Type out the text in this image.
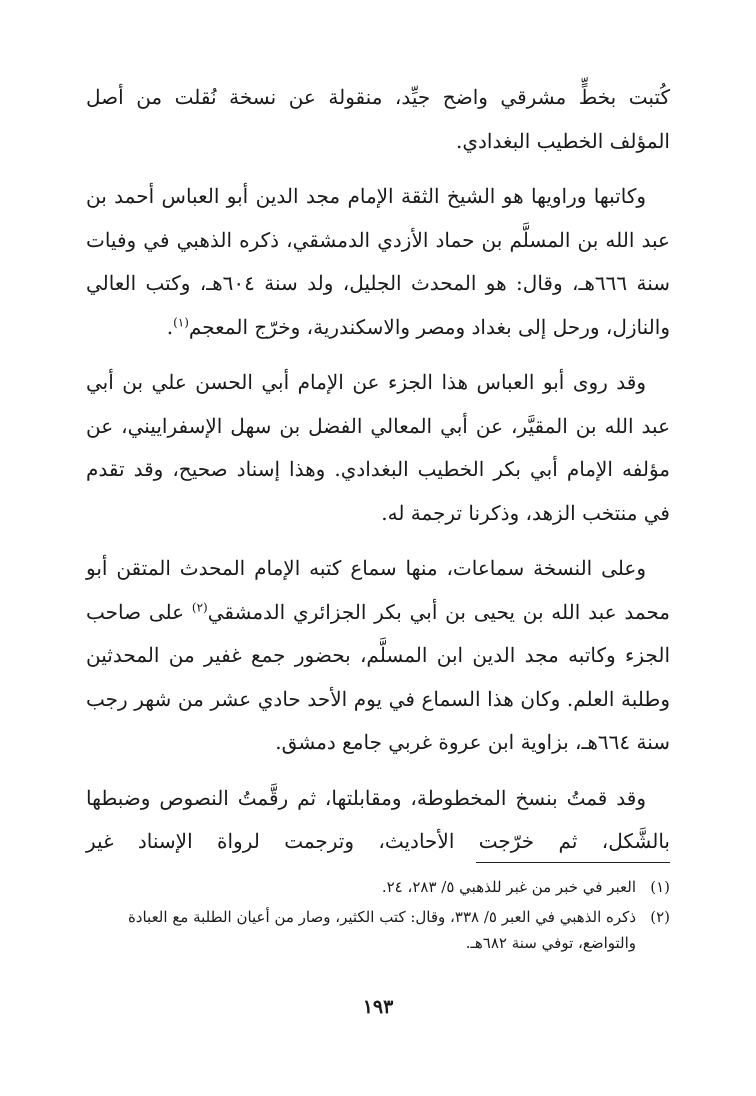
كُتبت بخطٍّ مشرقي واضح جيِّد، منقولة عن نسخة نُقلت من أصل المؤلف الخطيب البغدادي.

وكاتبها وراويها هو الشيخ الثقة الإمام مجد الدين أبو العباس أحمد بن عبد الله بن المسلَّم بن حماد الأزدي الدمشقي، ذكره الذهبي في وفيات سنة ٦٦٦هـ، وقال: هو المحدث الجليل، ولد سنة ٦٠٤هـ، وكتب العالي والنازل، ورحل إلى بغداد ومصر والاسكندرية، وخرّج المعجم$^{(١)}$.

وقد روى أبو العباس هذا الجزء عن الإمام أبي الحسن علي بن أبي عبد الله بن المقيَّر، عن أبي المعالي الفضل بن سهل الإسفراييني، عن مؤلفه الإمام أبي بكر الخطيب البغدادي. وهذا إسناد صحيح، وقد تقدم في منتخب الزهد، وذكرنا ترجمة له.

وعلى النسخة سماعات، منها سماع كتبه الإمام المحدث المتقن أبو محمد عبد الله بن يحيى بن أبي بكر الجزائري الدمشقي$^{(٢)}$ على صاحب الجزء وكاتبه مجد الدين ابن المسلَّم، بحضور جمع غفير من المحدثين وطلبة العلم. وكان هذا السماع في يوم الأحد حادي عشر من شهر رجب سنة ٦٦٤هـ، بزاوية ابن عروة غربي جامع دمشق.

وقد قمتُ بنسخ المخطوطة، ومقابلتها، ثم رقَّمتُ النصوص وضبطها بالشَّكل، ثم خرّجت الأحاديث، وترجمت لرواة الإسناد غير

(١)
العبر في خبر من غبر للذهبي ٥/ ٢٨٣، ٢٤.
(٢)
ذكره الذهبي في العبر ٥/ ٣٣٨، وقال: كتب الكثير، وصار من أعيان الطلبة مع العبادة والتواضع، توفي سنة ٦٨٢هـ.
١٩٣
